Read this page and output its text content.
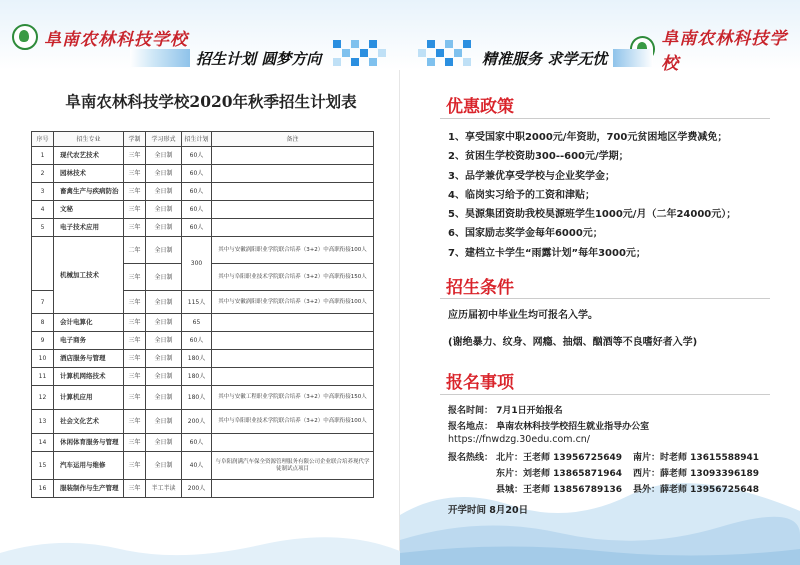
阜南农林科技学校	阜南农林科技学校
招生计划 圆梦方向	精准服务 求学无忧
阜南农林科技学校2020年秋季招生计划表
序号	招生专业	学制	学习形式	招生计划	备注
1	现代农艺技术	三年	全日制	60人	
2	园林技术	三年	全日制	60人	
3	畜禽生产与疾病防治	三年	全日制	60人	
4	文秘	三年	全日制	60人	
5	电子技术应用	三年	全日制	60人	
	机械加工技术	二年	全日制	300	其中与安徽涡阳职业学院联合培养（3+2）中高职衔接100人
		三年	全日制		其中与阜阳职业技术学院联合培养（3+2）中高职衔接150人
7		三年	全日制	115人	其中与安徽涡阳职业学院联合培养（3+2）中高职衔接100人
8	会计电算化	三年	全日制	65	
9	电子商务	三年	全日制	60人	
10	酒店服务与管理	三年	全日制	180人	
11	计算机网络技术	三年	全日制	180人	
12	计算机应用	三年	全日制	180人	其中与安徽工程职业学院联合培养（3+2）中高职衔接150人
13	社会文化艺术	三年	全日制	200人	其中与阜阳职业技术学院联合培养（3+2）中高职衔接100人
14	休闲体育服务与管理	三年	全日制	60人	
15	汽车运用与维修	三年	全日制	40人	与阜阳润满汽车保全资源管理服务有限公司企业联合培养现代学徒制试点项目
16	服装制作与生产管理	三年	半工半读	200人	
优惠政策
1、享受国家中职2000元/年资助，700元贫困地区学费减免；
2、贫困生学校资助300--600元/学期；
3、品学兼优享受学校与企业奖学金；
4、临岗实习给予的工资和津贴；
5、昊源集团资助我校昊源班学生1000元/月（二年24000元）；
6、国家励志奖学金每年6000元；
7、建档立卡学生“雨露计划”每年3000元；
招生条件
应历届初中毕业生均可报名入学。
(谢绝暴力、纹身、网瘾、抽烟、酗酒等不良嗜好者入学)
报名事项
报名时间： 7月1日开始报名
报名地点： 阜南农林科技学校招生就业指导办公室
https://fnwdzg.30edu.com.cn/
报名热线： 北片：王老师 13956725649 南片：时老师 13615588941
东片：刘老师 13865871964 西片：薛老师 13093396189
县城：王老师 13856789136 县外：薛老师 13956725648
开学时间 8月20日
